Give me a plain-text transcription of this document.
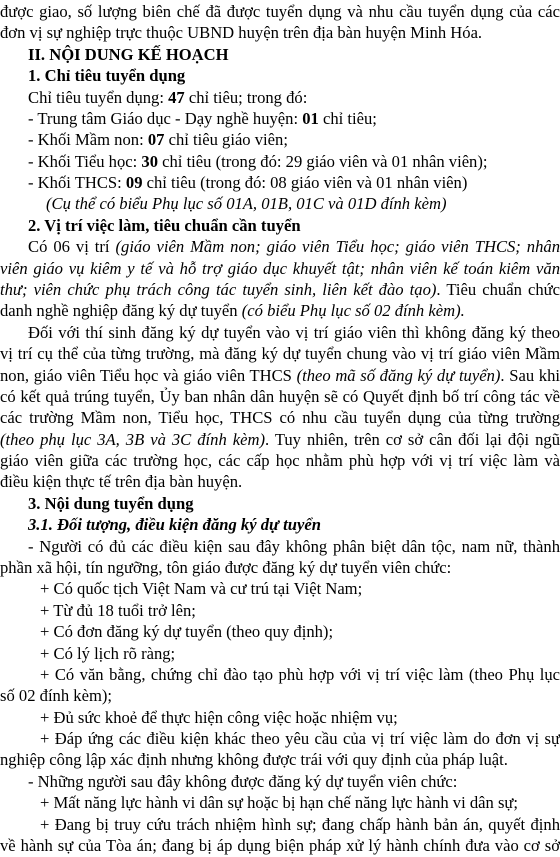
được giao, số lượng biên chế đã được tuyển dụng và nhu cầu tuyển dụng của các
đơn vị sự nghiệp trực thuộc UBND huyện trên địa bàn huyện Minh Hóa.
II. NỘI DUNG KẾ HOẠCH
1. Chỉ tiêu tuyển dụng
Chỉ tiêu tuyển dụng: 47 chỉ tiêu; trong đó:
- Trung tâm Giáo dục - Dạy nghề huyện: 01 chỉ tiêu;
- Khối Mầm non: 07 chỉ tiêu giáo viên;
- Khối Tiểu học: 30 chỉ tiêu (trong đó: 29 giáo viên và 01 nhân viên);
- Khối THCS: 09 chỉ tiêu (trong đó: 08 giáo viên và 01 nhân viên)
(Cụ thể có biểu Phụ lục số 01A, 01B, 01C và 01D đính kèm)
2. Vị trí việc làm, tiêu chuẩn cần tuyển
Có 06 vị trí (giáo viên Mầm non; giáo viên Tiểu học; giáo viên THCS; nhân
viên giáo vụ kiêm y tế và hỗ trợ giáo dục khuyết tật; nhân viên kế toán kiêm văn
thư; viên chức phụ trách công tác tuyển sinh, liên kết đào tạo). Tiêu chuẩn chức
danh nghề nghiệp đăng ký dự tuyển (có biểu Phụ lục số 02 đính kèm).
Đối với thí sinh đăng ký dự tuyển vào vị trí giáo viên thì không đăng ký theo
vị trí cụ thể của từng trường, mà đăng ký dự tuyển chung vào vị trí giáo viên Mầm
non, giáo viên Tiểu học và giáo viên THCS (theo mã số đăng ký dự tuyển). Sau khi
có kết quả trúng tuyển, Ủy ban nhân dân huyện sẽ có Quyết định bố trí công tác về
các trường Mầm non, Tiểu học, THCS có nhu cầu tuyển dụng của từng trường
(theo phụ lục 3A, 3B và 3C đính kèm). Tuy nhiên, trên cơ sở cân đối lại đội ngũ
giáo viên giữa các trường học, các cấp học nhằm phù hợp với vị trí việc làm và
điều kiện thực tế trên địa bàn huyện.
3. Nội dung tuyển dụng
3.1. Đối tượng, điều kiện đăng ký dự tuyển
- Người có đủ các điều kiện sau đây không phân biệt dân tộc, nam nữ, thành
phần xã hội, tín ngưỡng, tôn giáo được đăng ký dự tuyển viên chức:
+ Có quốc tịch Việt Nam và cư trú tại Việt Nam;
+ Từ đủ 18 tuổi trở lên;
+ Có đơn đăng ký dự tuyển (theo quy định);
+ Có lý lịch rõ ràng;
+ Có văn bằng, chứng chỉ đào tạo phù hợp với vị trí việc làm (theo Phụ lục
số 02 đính kèm);
+ Đủ sức khoẻ để thực hiện công việc hoặc nhiệm vụ;
+ Đáp ứng các điều kiện khác theo yêu cầu của vị trí việc làm do đơn vị sự
nghiệp công lập xác định nhưng không được trái với quy định của pháp luật.
- Những người sau đây không được đăng ký dự tuyển viên chức:
+ Mất năng lực hành vi dân sự hoặc bị hạn chế năng lực hành vi dân sự;
+ Đang bị truy cứu trách nhiệm hình sự; đang chấp hành bản án, quyết định
về hành sự của Tòa án; đang bị áp dụng biện pháp xử lý hành chính đưa vào cơ sở
